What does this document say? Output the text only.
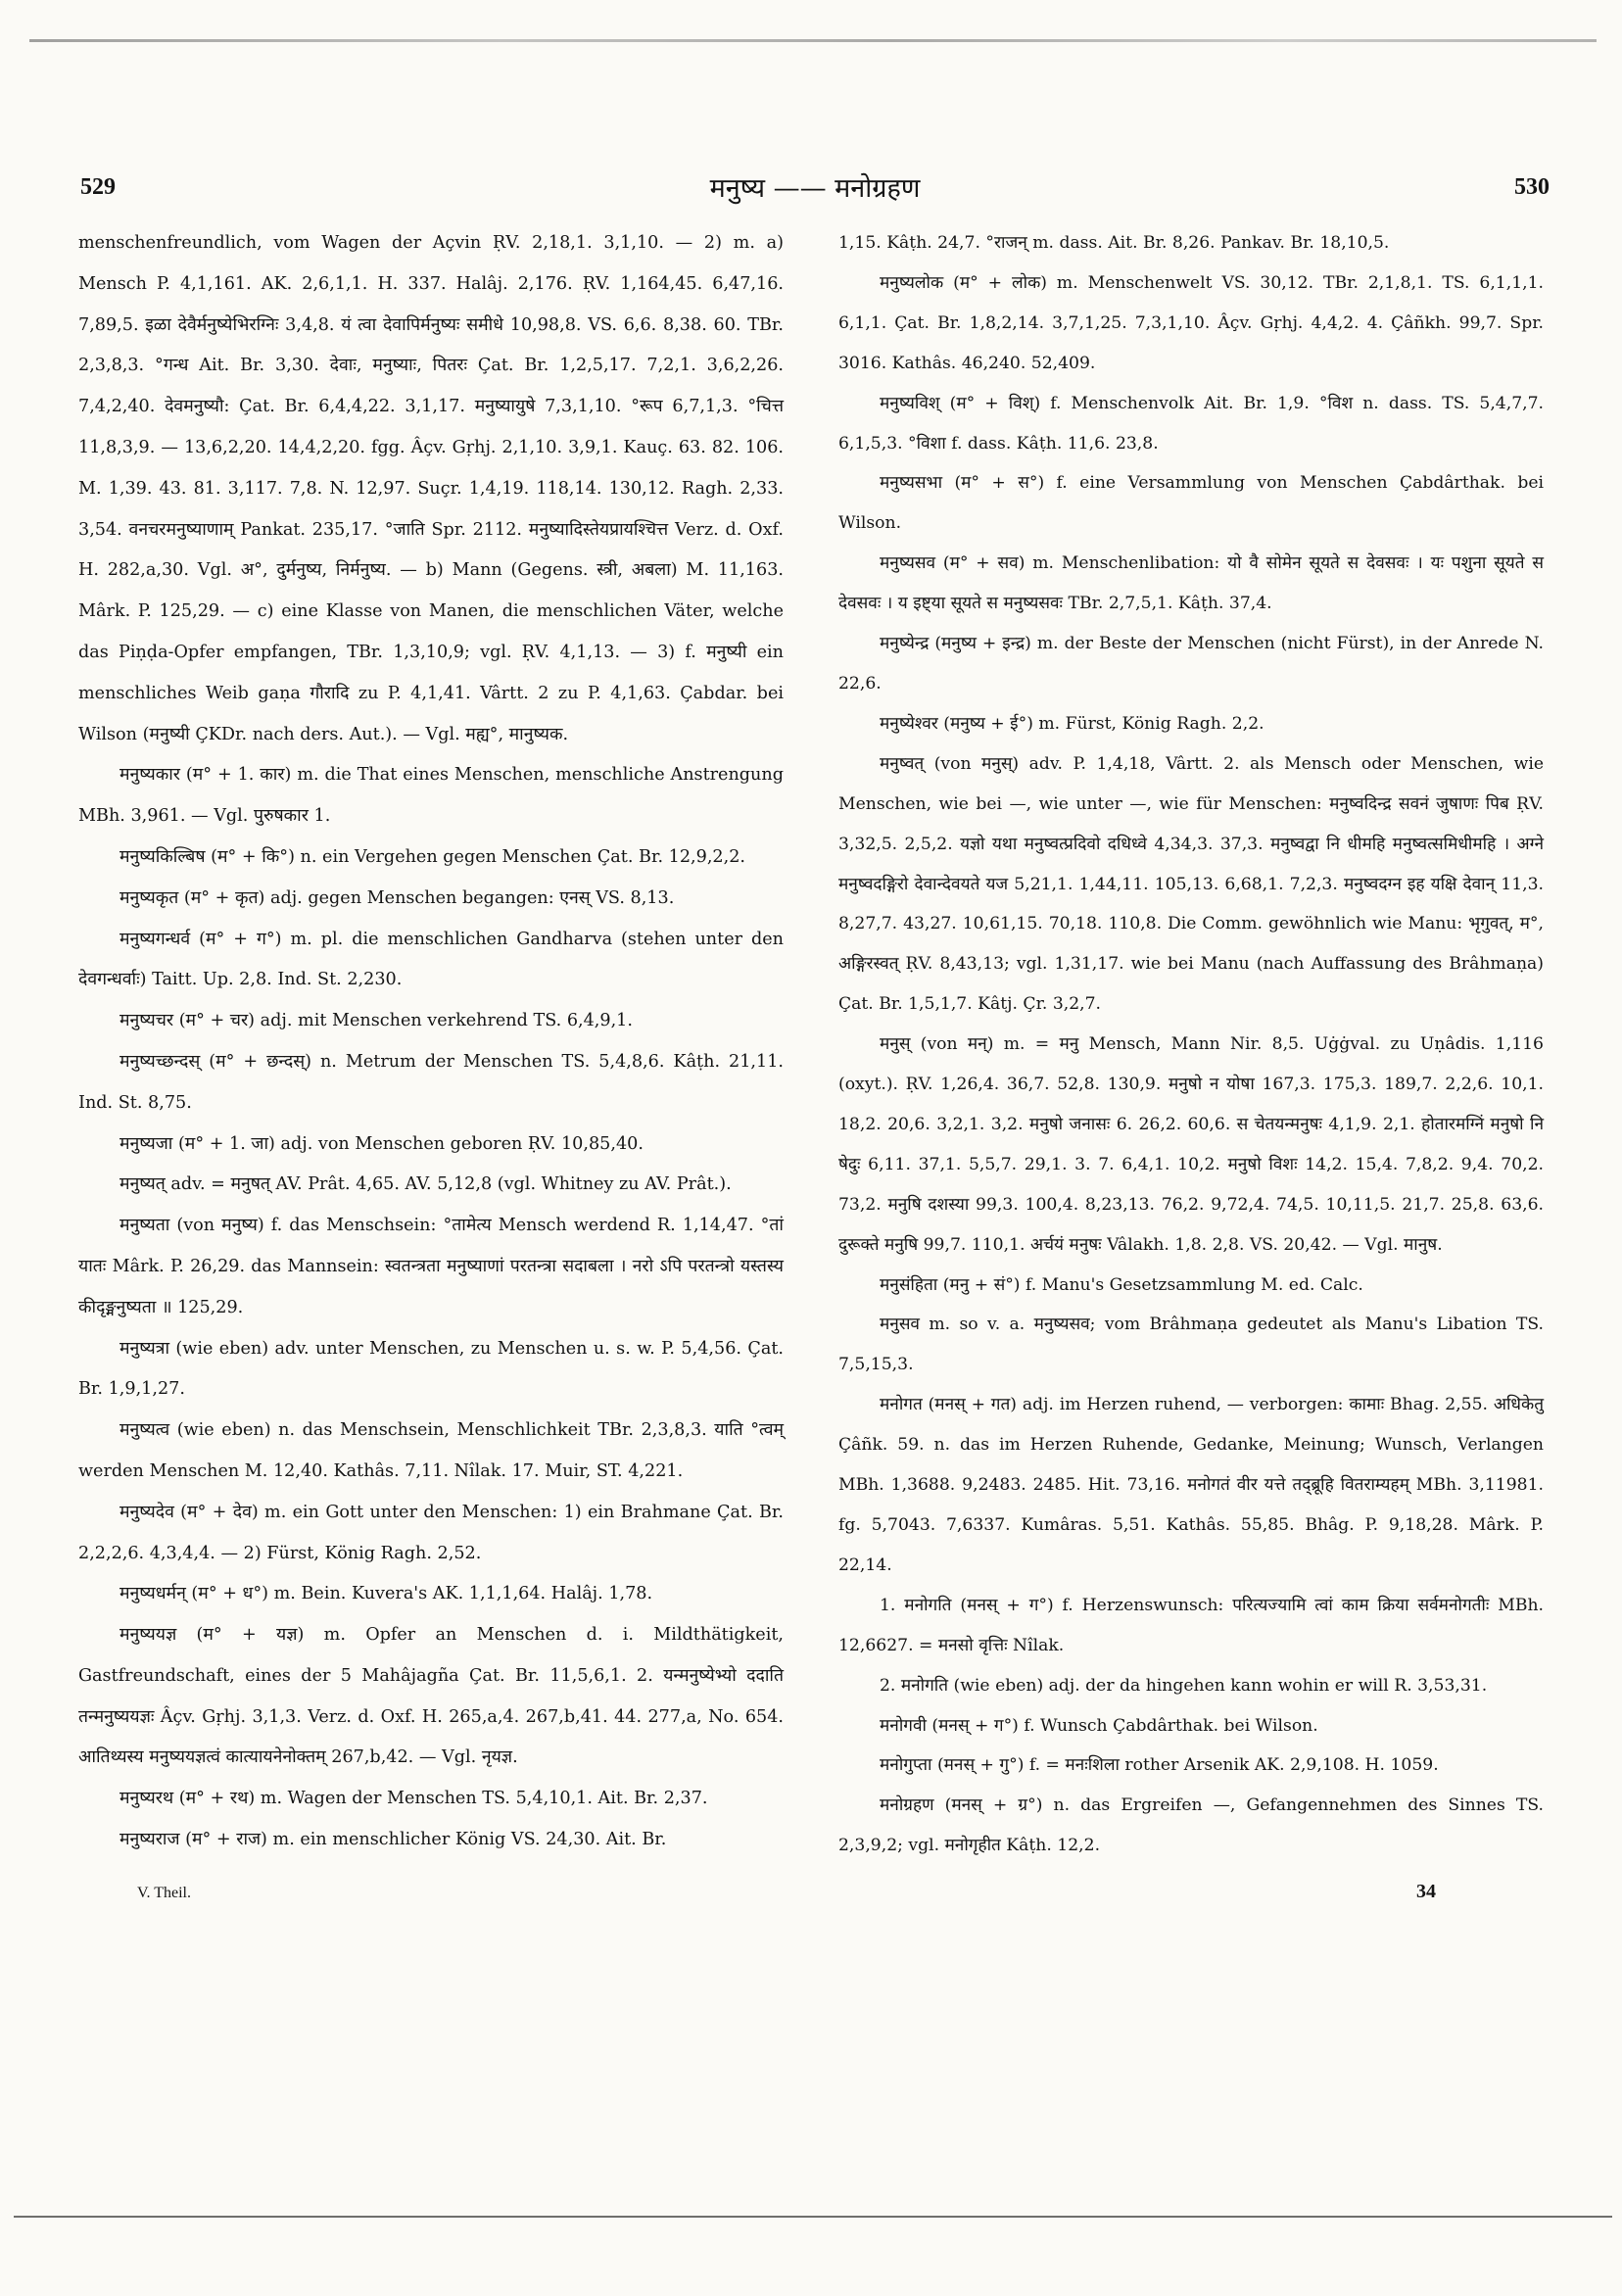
529	मनुष्य —— मनोग्रहण	530

menschenfreundlich, vom Wagen der Açvin ṚV. 2,18,1. 3,1,10. — 2) m. a) Mensch P. 4,1,161. AK. 2,6,1,1. H. 337. Halâj. 2,176. ṚV. 1,164,45. 6,47,16. 7,89,5. इळा देवैर्मनुष्येभिरग्निः 3,4,8. यं त्वा देवापिर्मनुष्यः समीधे 10,98,8. VS. 6,6. 8,38. 60. TBr. 2,3,8,3. °गन्ध Ait. Br. 3,30. देवाः, मनुष्याः, पितरः Çat. Br. 1,2,5,17. 7,2,1. 3,6,2,26. 7,4,2,40. देवमनुष्यौ: Çat. Br. 6,4,4,22. 3,1,17. मनुष्यायुषे 7,3,1,10. °रूप 6,7,1,3. °चित्त 11,8,3,9. — 13,6,2,20. 14,4,2,20. fgg. Âçv. Gṛhj. 2,1,10. 3,9,1. Kauç. 63. 82. 106. M. 1,39. 43. 81. 3,117. 7,8. N. 12,97. Suçr. 1,4,19. 118,14. 130,12. Ragh. 2,33. 3,54. वनचरमनुष्याणाम् Pankat. 235,17. °जाति Spr. 2112. मनुष्यादिस्तेयप्रायश्चित्त Verz. d. Oxf. H. 282,a,30. Vgl. अ°, दुर्मनुष्य, निर्मनुष्य. — b) Mann (Gegens. स्त्री, अबला) M. 11,163. Mârk. P. 125,29. — c) eine Klasse von Manen, die menschlichen Väter, welche das Piṇḍa-Opfer empfangen, TBr. 1,3,10,9; vgl. ṚV. 4,1,13. — 3) f. मनुष्यी ein menschliches Weib gaṇa गौरादि zu P. 4,1,41. Vârtt. 2 zu P. 4,1,63. Çabdar. bei Wilson (मनुष्यी ÇKDr. nach ders. Aut.). — Vgl. मह्य°, मानुष्यक.

मनुष्यकार (म° + 1. कार) m. die That eines Menschen, menschliche Anstrengung MBh. 3,961. — Vgl. पुरुषकार 1.

मनुष्यकिल्बिष (म° + कि°) n. ein Vergehen gegen Menschen Çat. Br. 12,9,2,2.

मनुष्यकृत (म° + कृत) adj. gegen Menschen begangen: एनस् VS. 8,13.

मनुष्यगन्धर्व (म° + ग°) m. pl. die menschlichen Gandharva (stehen unter den देवगन्धर्वाः) Taitt. Up. 2,8. Ind. St. 2,230.

मनुष्यचर (म° + चर) adj. mit Menschen verkehrend TS. 6,4,9,1.

मनुष्यच्छन्दस् (म° + छन्दस्) n. Metrum der Menschen TS. 5,4,8,6. Kâṭh. 21,11. Ind. St. 8,75.

मनुष्यजा (म° + 1. जा) adj. von Menschen geboren ṚV. 10,85,40.

मनुष्यत् adv. = मनुषत् AV. Prât. 4,65. AV. 5,12,8 (vgl. Whitney zu AV. Prât.).

मनुष्यता (von मनुष्य) f. das Menschsein: °तामेत्य Mensch werdend R. 1,14,47. °तां यातः Mârk. P. 26,29. das Mannsein: स्वतन्त्रता मनुष्याणां परतन्त्रा सदाबला । नरो ऽपि परतन्त्रो यस्तस्य कीदृङ्मनुष्यता ॥ 125,29.

मनुष्यत्रा (wie eben) adv. unter Menschen, zu Menschen u. s. w. P. 5,4,56. Çat. Br. 1,9,1,27.

मनुष्यत्व (wie eben) n. das Menschsein, Menschlichkeit TBr. 2,3,8,3. याति °त्वम् werden Menschen M. 12,40. Kathâs. 7,11. Nîlak. 17. Muir, ST. 4,221.

मनुष्यदेव (म° + देव) m. ein Gott unter den Menschen: 1) ein Brahmane Çat. Br. 2,2,2,6. 4,3,4,4. — 2) Fürst, König Ragh. 2,52.

मनुष्यधर्मन् (म° + ध°) m. Bein. Kuvera's AK. 1,1,1,64. Halâj. 1,78.

मनुष्ययज्ञ (म° + यज्ञ) m. Opfer an Menschen d. i. Mildthätigkeit, Gastfreundschaft, eines der 5 Mahâjagña Çat. Br. 11,5,6,1. 2. यन्मनुष्येभ्यो ददाति तन्मनुष्ययज्ञः Âçv. Gṛhj. 3,1,3. Verz. d. Oxf. H. 265,a,4. 267,b,41. 44. 277,a, No. 654. आतिथ्यस्य मनुष्ययज्ञत्वं कात्यायनेनोक्तम् 267,b,42. — Vgl. नृयज्ञ.

मनुष्यरथ (म° + रथ) m. Wagen der Menschen TS. 5,4,10,1. Ait. Br. 2,37.

मनुष्यराज (म° + राज) m. ein menschlicher König VS. 24,30. Ait. Br.

1,15. Kâṭh. 24,7. °राजन् m. dass. Ait. Br. 8,26. Pankav. Br. 18,10,5.

मनुष्यलोक (म° + लोक) m. Menschenwelt VS. 30,12. TBr. 2,1,8,1. TS. 6,1,1,1. 6,1,1. Çat. Br. 1,8,2,14. 3,7,1,25. 7,3,1,10. Âçv. Gṛhj. 4,4,2. 4. Çâñkh. 99,7. Spr. 3016. Kathâs. 46,240. 52,409.

मनुष्यविश् (म° + विश्) f. Menschenvolk Ait. Br. 1,9. °विश n. dass. TS. 5,4,7,7. 6,1,5,3. °विशा f. dass. Kâṭh. 11,6. 23,8.

मनुष्यसभा (म° + स°) f. eine Versammlung von Menschen Çabdârthak. bei Wilson.

मनुष्यसव (म° + सव) m. Menschenlibation: यो वै सोमेन सूयते स देवसवः । यः पशुना सूयते स देवसवः । य इष्ट्या सूयते स मनुष्यसवः TBr. 2,7,5,1. Kâṭh. 37,4.

मनुष्येन्द्र (मनुष्य + इन्द्र) m. der Beste der Menschen (nicht Fürst), in der Anrede N. 22,6.

मनुष्येश्वर (मनुष्य + ई°) m. Fürst, König Ragh. 2,2.

मनुष्वत् (von मनुस्) adv. P. 1,4,18, Vârtt. 2. als Mensch oder Menschen, wie Menschen, wie bei —, wie unter —, wie für Menschen: मनुष्वदिन्द्र सवनं जुषाणः पिब ṚV. 3,32,5. 2,5,2. यज्ञो यथा मनुष्वत्प्रदिवो दधिध्वे 4,34,3. 37,3. मनुष्वद्वा नि धीमहि मनुष्वत्समिधीमहि । अग्ने मनुष्वदङ्गिरो देवान्देवयते यज 5,21,1. 1,44,11. 105,13. 6,68,1. 7,2,3. मनुष्वदग्न इह यक्षि देवान् 11,3. 8,27,7. 43,27. 10,61,15. 70,18. 110,8. Die Comm. gewöhnlich wie Manu: भृगुवत्, म°, अङ्गिरस्वत् ṚV. 8,43,13; vgl. 1,31,17. wie bei Manu (nach Auffassung des Brâhmaṇa) Çat. Br. 1,5,1,7. Kâtj. Çr. 3,2,7.

मनुस् (von मन्) m. = मनु Mensch, Mann Nir. 8,5. Uġġval. zu Uṇâdis. 1,116 (oxyt.). ṚV. 1,26,4. 36,7. 52,8. 130,9. मनुषो न योषा 167,3. 175,3. 189,7. 2,2,6. 10,1. 18,2. 20,6. 3,2,1. 3,2. मनुषो जनासः 6. 26,2. 60,6. स चेतयन्मनुषः 4,1,9. 2,1. होतारमग्निं मनुषो नि षेदुः 6,11. 37,1. 5,5,7. 29,1. 3. 7. 6,4,1. 10,2. मनुषो विशः 14,2. 15,4. 7,8,2. 9,4. 70,2. 73,2. मनुषि दशस्या 99,3. 100,4. 8,23,13. 76,2. 9,72,4. 74,5. 10,11,5. 21,7. 25,8. 63,6. दुरूक्ते मनुषि 99,7. 110,1. अर्चयं मनुषः Vâlakh. 1,8. 2,8. VS. 20,42. — Vgl. मानुष.

मनुसंहिता (मनु + सं°) f. Manu's Gesetzsammlung M. ed. Calc.

मनुसव m. so v. a. मनुष्यसव; vom Brâhmaṇa gedeutet als Manu's Libation TS. 7,5,15,3.

मनोगत (मनस् + गत) adj. im Herzen ruhend, — verborgen: कामाः Bhag. 2,55. अधिकेतु Çâñk. 59. n. das im Herzen Ruhende, Gedanke, Meinung; Wunsch, Verlangen MBh. 1,3688. 9,2483. 2485. Hit. 73,16. मनोगतं वीर यत्ते तद्ब्रूहि वितराम्यहम् MBh. 3,11981. fg. 5,7043. 7,6337. Kumâras. 5,51. Kathâs. 55,85. Bhâg. P. 9,18,28. Mârk. P. 22,14.

1. मनोगति (मनस् + ग°) f. Herzenswunsch: परित्यज्यामि त्वां काम क्रिया सर्वमनोगतीः MBh. 12,6627. = मनसो वृत्तिः Nîlak.

2. मनोगति (wie eben) adj. der da hingehen kann wohin er will R. 3,53,31.

मनोगवी (मनस् + ग°) f. Wunsch Çabdârthak. bei Wilson.

मनोगुप्ता (मनस् + गु°) f. = मनःशिला rother Arsenik AK. 2,9,108. H. 1059.

मनोग्रहण (मनस् + ग्र°) n. das Ergreifen —, Gefangennehmen des Sinnes TS. 2,3,9,2; vgl. मनोगृहीत Kâṭh. 12,2.

V. Theil.	34
